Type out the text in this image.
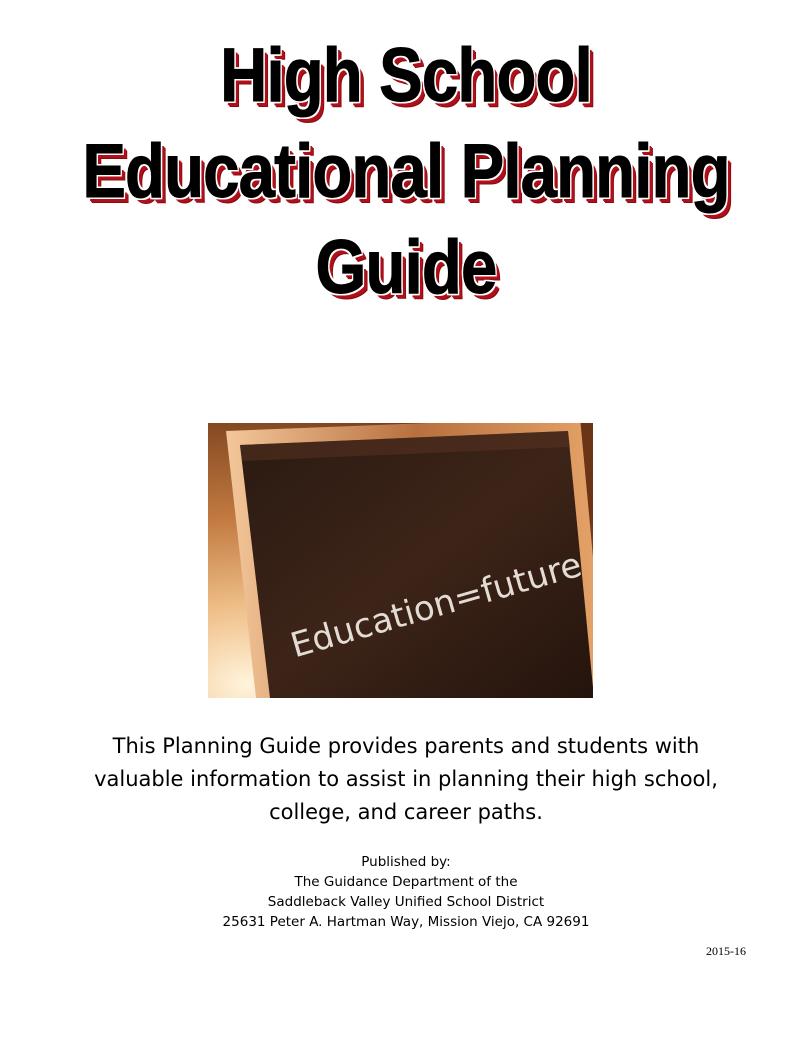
High School
Educational Planning
Guide
Education=future
This Planning Guide provides parents and students with
valuable information to assist in planning their high school,
college, and career paths.
Published by:
The Guidance Department of the
Saddleback Valley Unified School District
25631 Peter A. Hartman Way, Mission Viejo, CA 92691
2015-16
